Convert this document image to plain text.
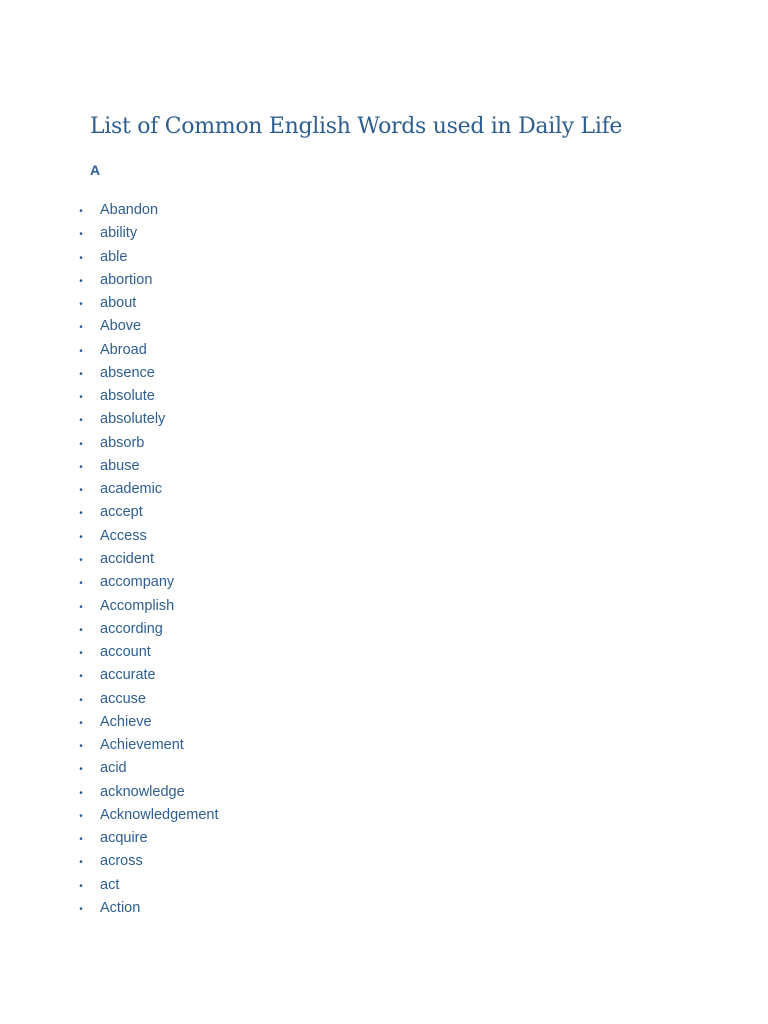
List of Common English Words used in Daily Life
A
• Abandon
• ability
• able
• abortion
• about
• Above
• Abroad
• absence
• absolute
• absolutely
• absorb
• abuse
• academic
• accept
• Access
• accident
• accompany
• Accomplish
• according
• account
• accurate
• accuse
• Achieve
• Achievement
• acid
• acknowledge
• Acknowledgement
• acquire
• across
• act
• Action
